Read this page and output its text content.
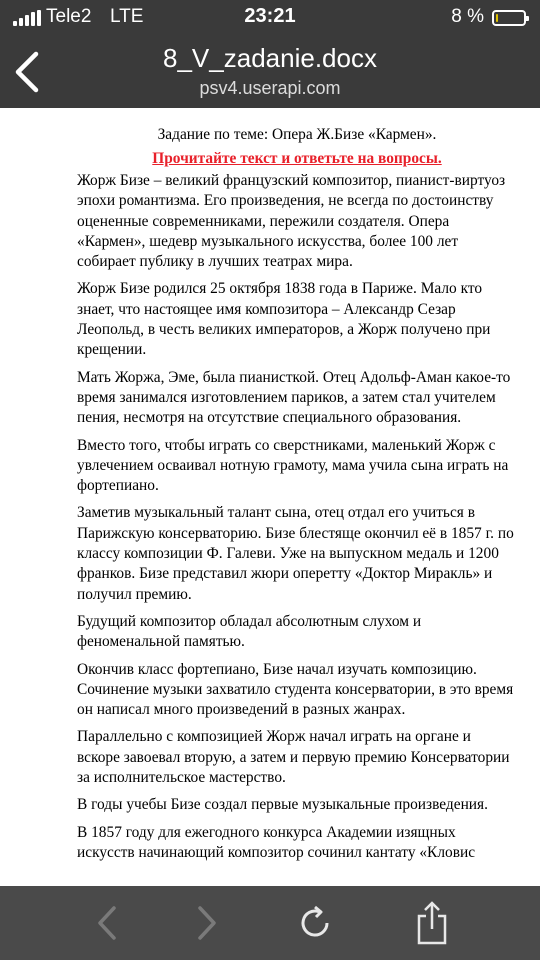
Tele2 LTE	23:21	8 %
8_V_zadanie.docx
psv4.userapi.com

Задание по теме: Опера Ж.Бизе «Кармен».

Прочитайте текст и ответьте на вопросы.

Жорж Бизе – великий французский композитор, пианист-виртуоз эпохи романтизма. Его произведения, не всегда по достоинству оцененные современниками, пережили создателя. Опера «Кармен», шедевр музыкального искусства, более 100 лет собирает публику в лучших театрах мира.

Жорж Бизе родился 25 октября 1838 года в Париже. Мало кто знает, что настоящее имя композитора – Александр Сезар Леопольд, в честь великих императоров, а Жорж получено при крещении.

Мать Жоржа, Эме, была пианисткой. Отец Адольф-Аман какое-то время занимался изготовлением париков, а затем стал учителем пения, несмотря на отсутствие специального образования.

Вместо того, чтобы играть со сверстниками, маленький Жорж с увлечением осваивал нотную грамоту, мама учила сына играть на фортепиано.

Заметив музыкальный талант сына, отец отдал его учиться в Парижскую консерваторию. Бизе блестяще окончил её в 1857 г. по классу композиции Ф. Галеви. Уже на выпускном медаль и 1200 франков. Бизе представил жюри оперетту «Доктор Миракль» и получил премию.

Будущий композитор обладал абсолютным слухом и феноменальной памятью.

Окончив класс фортепиано, Бизе начал изучать композицию. Сочинение музыки захватило студента консерватории, в это время он написал много произведений в разных жанрах.

Параллельно с композицией Жорж начал играть на органе и вскоре завоевал вторую, а затем и первую премию Консерватории за исполнительское мастерство.

В годы учебы Бизе создал первые музыкальные произведения.

В 1857 году для ежегодного конкурса Академии изящных искусств начинающий композитор сочинил кантату «Кловис
